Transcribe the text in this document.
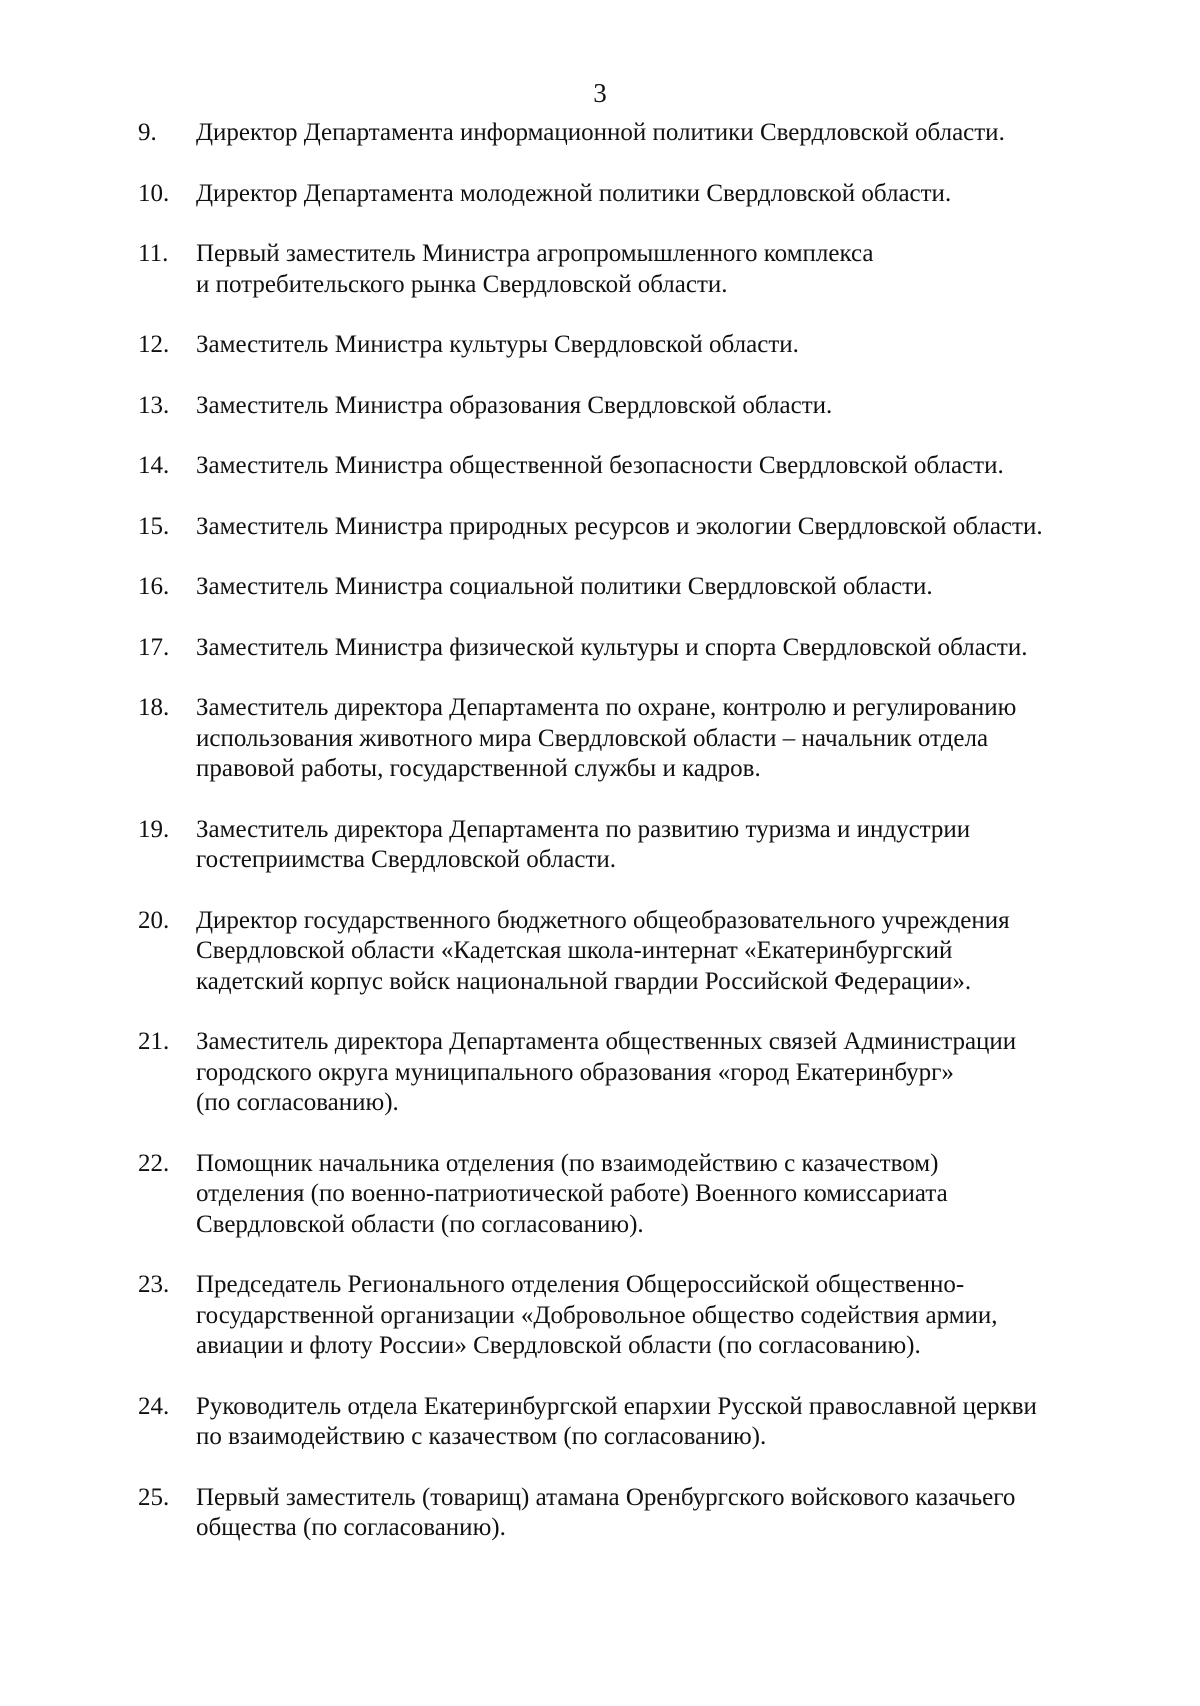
3
9.	Директор Департамента информационной политики Свердловской области.
10.	Директор Департамента молодежной политики Свердловской области.
11.	Первый заместитель Министра агропромышленного комплекса
и потребительского рынка Свердловской области.
12.	Заместитель Министра культуры Свердловской области.
13.	Заместитель Министра образования Свердловской области.
14.	Заместитель Министра общественной безопасности Свердловской области.
15.	Заместитель Министра природных ресурсов и экологии Свердловской области.
16.	Заместитель Министра социальной политики Свердловской области.
17.	Заместитель Министра физической культуры и спорта Свердловской области.
18.	Заместитель директора Департамента по охране, контролю и регулированию
использования животного мира Свердловской области – начальник отдела
правовой работы, государственной службы и кадров.
19.	Заместитель директора Департамента по развитию туризма и индустрии
гостеприимства Свердловской области.
20.	Директор государственного бюджетного общеобразовательного учреждения
Свердловской области «Кадетская школа-интернат «Екатеринбургский
кадетский корпус войск национальной гвардии Российской Федерации».
21.	Заместитель директора Департамента общественных связей Администрации
городского округа муниципального образования «город Екатеринбург»
(по согласованию).
22.	Помощник начальника отделения (по взаимодействию с казачеством)
отделения (по военно-патриотической работе) Военного комиссариата
Свердловской области (по согласованию).
23.	Председатель Регионального отделения Общероссийской общественно-
государственной организации «Добровольное общество содействия армии,
авиации и флоту России» Свердловской области (по согласованию).
24.	Руководитель отдела Екатеринбургской епархии Русской православной церкви
по взаимодействию с казачеством (по согласованию).
25.	Первый заместитель (товарищ) атамана Оренбургского войскового казачьего
общества (по согласованию).
